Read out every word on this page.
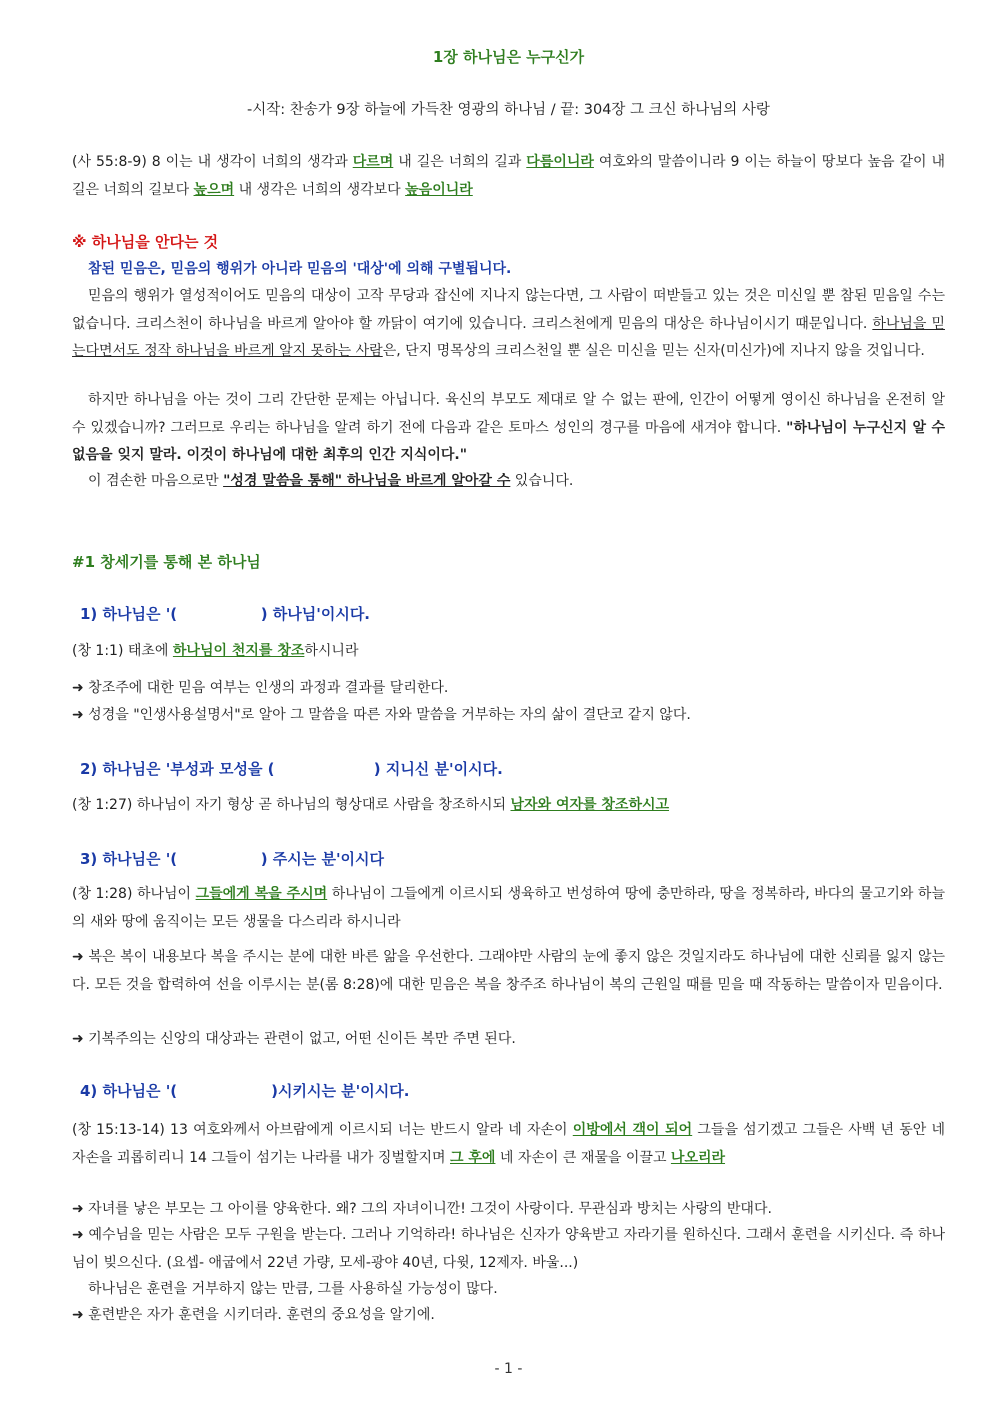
1장 하나님은 누구신가
-시작: 찬송가 9장 하늘에 가득찬 영광의 하나님 / 끝: 304장 그 크신 하나님의 사랑
(사 55:8-9) 8 이는 내 생각이 너희의 생각과 다르며 내 길은 너희의 길과 다름이니라 여호와의 말씀이니라 9 이는 하늘이 땅보다 높음 같이 내 길은 너희의 길보다 높으며 내 생각은 너희의 생각보다 높음이니라
※ 하나님을 안다는 것
참된 믿음은, 믿음의 행위가 아니라 믿음의 '대상'에 의해 구별됩니다.
믿음의 행위가 열성적이어도 믿음의 대상이 고작 무당과 잡신에 지나지 않는다면, 그 사람이 떠받들고 있는 것은 미신일 뿐 참된 믿음일 수는 없습니다. 크리스천이 하나님을 바르게 알아야 할 까닭이 여기에 있습니다. 크리스천에게 믿음의 대상은 하나님이시기 때문입니다. 하나님을 믿는다면서도 정작 하나님을 바르게 알지 못하는 사람은, 단지 명목상의 크리스천일 뿐 실은 미신을 믿는 신자(미신가)에 지나지 않을 것입니다.
하지만 하나님을 아는 것이 그리 간단한 문제는 아닙니다. 육신의 부모도 제대로 알 수 없는 판에, 인간이 어떻게 영이신 하나님을 온전히 알 수 있겠습니까? 그러므로 우리는 하나님을 알려 하기 전에 다음과 같은 토마스 성인의 경구를 마음에 새겨야 합니다. "하나님이 누구신지 알 수 없음을 잊지 말라. 이것이 하나님에 대한 최후의 인간 지식이다."
이 겸손한 마음으로만 "성경 말씀을 통해" 하나님을 바르게 알아갈 수 있습니다.
#1 창세기를 통해 본 하나님
1) 하나님은 '(                ) 하나님'이시다.
(창 1:1) 태초에 하나님이 천지를 창조하시니라
➜ 창조주에 대한 믿음 여부는 인생의 과정과 결과를 달리한다.
➜ 성경을 "인생사용설명서"로 알아 그 말씀을 따른 자와 말씀을 거부하는 자의 삶이 결단코 같지 않다.
2) 하나님은 '부성과 모성을 (                   ) 지니신 분'이시다.
(창 1:27) 하나님이 자기 형상 곧 하나님의 형상대로 사람을 창조하시되 남자와 여자를 창조하시고
3) 하나님은 '(                ) 주시는 분'이시다
(창 1:28) 하나님이 그들에게 복을 주시며 하나님이 그들에게 이르시되 생육하고 번성하여 땅에 충만하라, 땅을 정복하라, 바다의 물고기와 하늘의 새와 땅에 움직이는 모든 생물을 다스리라 하시니라
➜ 복은 복이 내용보다 복을 주시는 분에 대한 바른 앎을 우선한다. 그래야만 사람의 눈에 좋지 않은 것일지라도 하나님에 대한 신뢰를 잃지 않는다. 모든 것을 합력하여 선을 이루시는 분(롬 8:28)에 대한 믿음은 복을 창주조 하나님이 복의 근원일 때를 믿을 때 작동하는 말씀이자 믿음이다.
➜ 기복주의는 신앙의 대상과는 관련이 없고, 어떤 신이든 복만 주면 된다.
4) 하나님은 '(                  )시키시는 분'이시다.
(창 15:13-14) 13 여호와께서 아브람에게 이르시되 너는 반드시 알라 네 자손이 이방에서 객이 되어 그들을 섬기겠고 그들은 사백 년 동안 네 자손을 괴롭히리니 14 그들이 섬기는 나라를 내가 징벌할지며 그 후에 네 자손이 큰 재물을 이끌고 나오리라
➜ 자녀를 낳은 부모는 그 아이를 양육한다. 왜? 그의 자녀이니깐! 그것이 사랑이다. 무관심과 방치는 사랑의 반대다.
➜ 예수님을 믿는 사람은 모두 구원을 받는다. 그러나 기억하라! 하나님은 신자가 양육받고 자라기를 원하신다. 그래서 훈련을 시키신다. 즉 하나님이 빚으신다. (요셉- 애굽에서 22년 가량, 모세-광야 40년, 다윗, 12제자. 바울...)
하나님은 훈련을 거부하지 않는 만큼, 그를 사용하실 가능성이 많다.
➜ 훈련받은 자가 훈련을 시키더라. 훈련의 중요성을 알기에.
- 1 -
